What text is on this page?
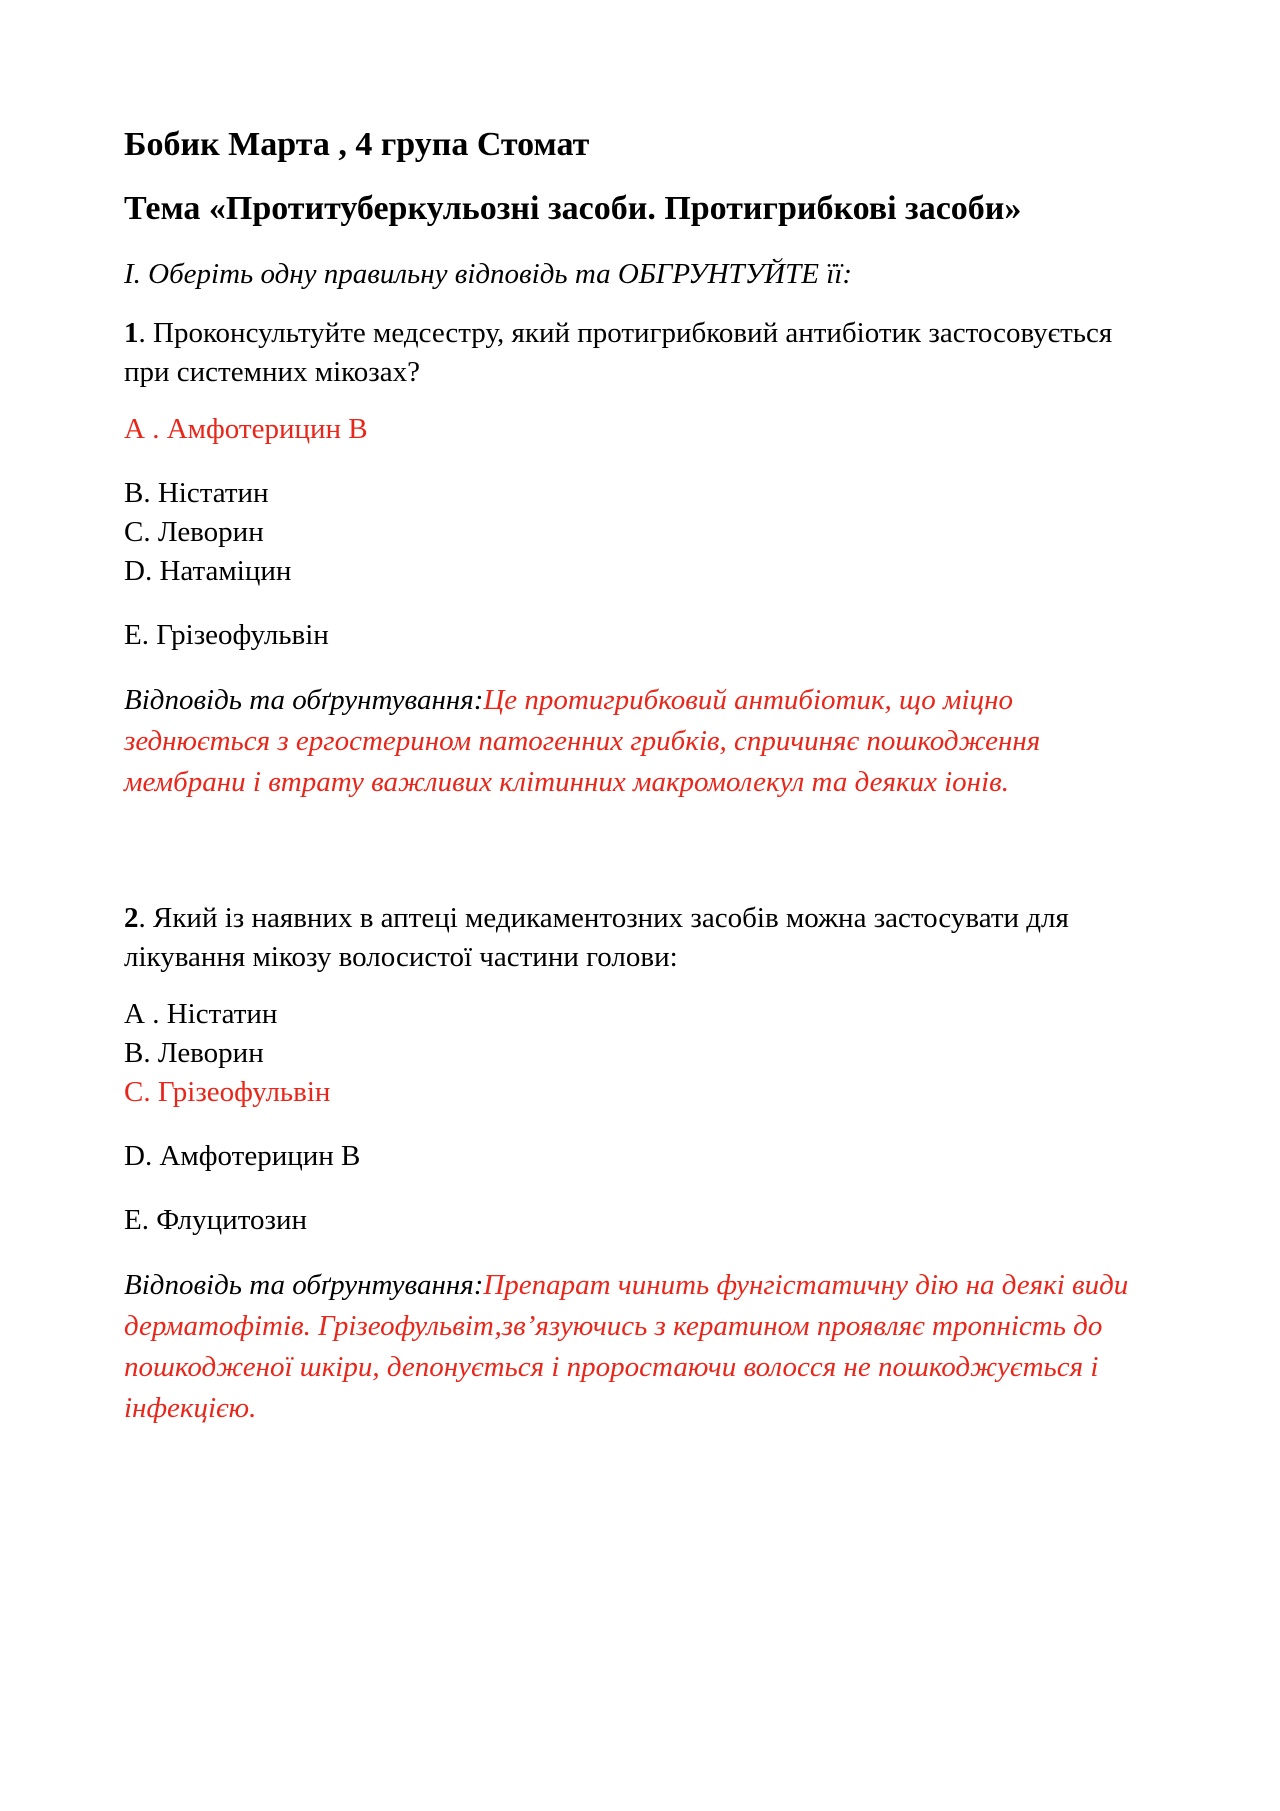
Бобик Марта , 4 група Стомат

Тема «Протитуберкульозні засоби. Протигрибкові засоби»

І. Оберіть одну правильну відповідь та ОБГРУНТУЙТЕ її:

1. Проконсультуйте медсестру, який протигрибковий антибіотик застосовується при системних мікозах?

А . Амфотерицин В

В. Ністатин

С. Леворин

D. Натаміцин

Е. Грізеофульвін

Відповідь та обґрунтування:Це протигрибковий антибіотик, що міцно зеднюється з ергостерином патогенних грибків, спричиняє пошкодження мембрани і втрату важливих клітинних макромолекул та деяких іонів.

2. Який із наявних в аптеці медикаментозних засобів можна застосувати для лікування мікозу волосистої частини голови:

А . Ністатин

В. Леворин

С. Грізеофульвін

D. Амфотерицин В

Е. Флуцитозин

Відповідь та обґрунтування:Препарат чинить фунгістатичну дію на деякі види дерматофітів. Грізеофульвіт,зв’язуючись з кератином проявляє тропність до пошкодженої шкіри, депонується і проростаючи волосся не пошкоджується і інфекцією.
